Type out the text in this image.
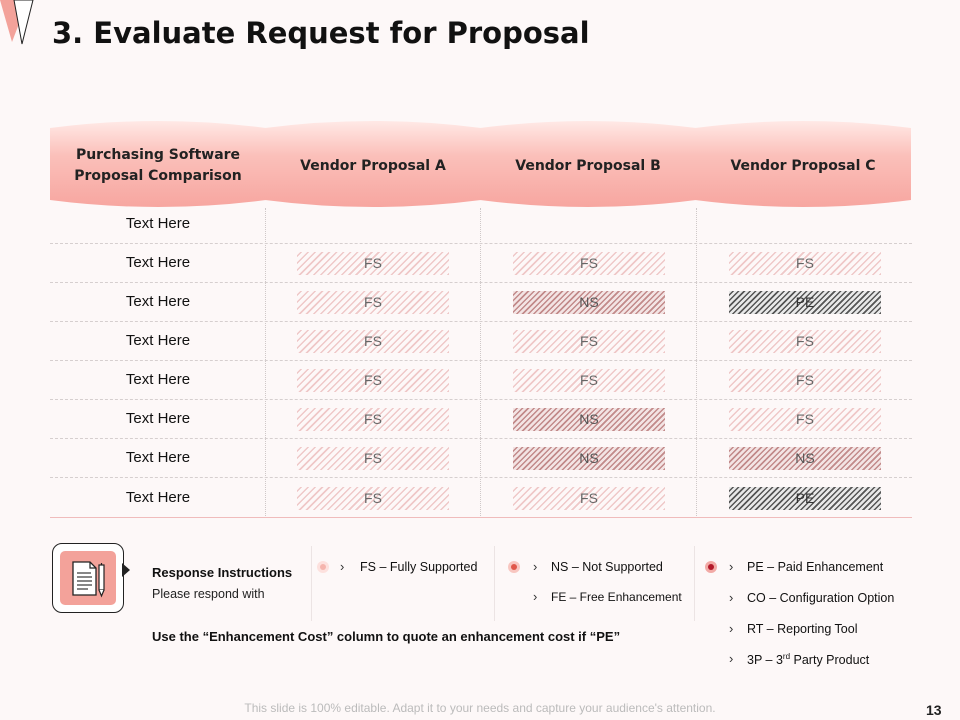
3. Evaluate Request for Proposal
Purchasing Software
Proposal Comparison
Vendor Proposal A	Vendor Proposal B	Vendor Proposal C
Text Here
Text Here	FS	FS	FS
Text Here	FS	NS	PE
Text Here	FS	FS	FS
Text Here	FS	FS	FS
Text Here	FS	NS	FS
Text Here	FS	NS	NS
Text Here	FS	FS	PE
Response Instructions
Please respond with
Use the “Enhancement Cost” column to quote an enhancement cost if “PE”
› FS – Fully Supported	› NS – Not Supported
› FE – Free Enhancement
› PE – Paid Enhancement
› CO – Configuration Option
› RT – Reporting Tool
› 3P – 3rd Party Product
This slide is 100% editable. Adapt it to your needs and capture your audience's attention.	13
